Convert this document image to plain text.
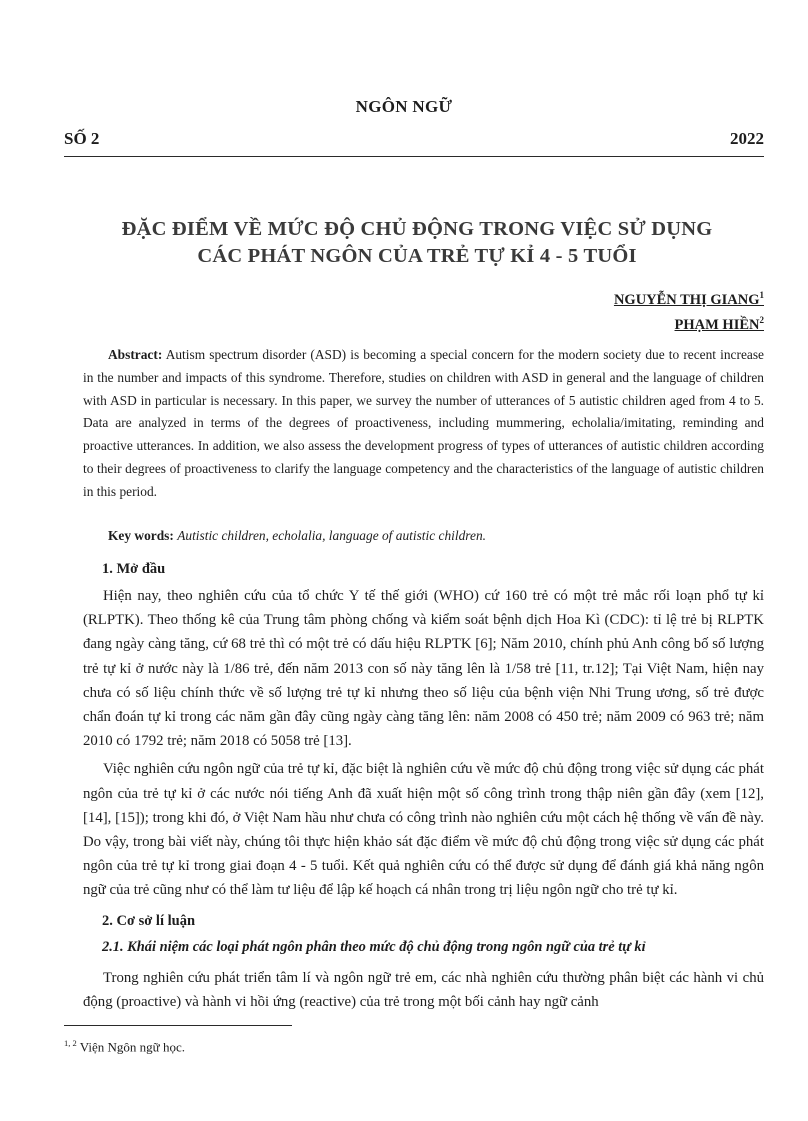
NGÔN NGỮ
SỐ 2	2022
ĐẶC ĐIỂM VỀ MỨC ĐỘ CHỦ ĐỘNG TRONG VIỆC SỬ DỤNG
CÁC PHÁT NGÔN CỦA TRẺ TỰ KỈ 4 - 5 TUỔI
NGUYỄN THỊ GIANG$^1$
PHẠM HIỀN$^2$

Abstract: Autism spectrum disorder (ASD) is becoming a special concern for the modern society due to recent increase in the number and impacts of this syndrome. Therefore, studies on children with ASD in general and the language of children with ASD in particular is necessary. In this paper, we survey the number of utterances of 5 autistic children aged from 4 to 5. Data are analyzed in terms of the degrees of proactiveness, including mummering, echolalia/imitating, reminding and proactive utterances. In addition, we also assess the development progress of types of utterances of autistic children according to their degrees of proactiveness to clarify the language competency and the characteristics of the language of autistic children in this period.

Key words: Autistic children, echolalia, language of autistic children.
1. Mở đầu

Hiện nay, theo nghiên cứu của tổ chức Y tế thế giới (WHO) cứ 160 trẻ có một trẻ mắc rối loạn phổ tự kỉ (RLPTK). Theo thống kê của Trung tâm phòng chống và kiểm soát bệnh dịch Hoa Kì (CDC): tỉ lệ trẻ bị RLPTK đang ngày càng tăng, cứ 68 trẻ thì có một trẻ có dấu hiệu RLPTK [6]; Năm 2010, chính phủ Anh công bố số lượng trẻ tự kỉ ở nước này là 1/86 trẻ, đến năm 2013 con số này tăng lên là 1/58 trẻ [11, tr.12]; Tại Việt Nam, hiện nay chưa có số liệu chính thức về số lượng trẻ tự kỉ nhưng theo số liệu của bệnh viện Nhi Trung ương, số trẻ được chẩn đoán tự kỉ trong các năm gần đây cũng ngày càng tăng lên: năm 2008 có 450 trẻ; năm 2009 có 963 trẻ; năm 2010 có 1792 trẻ; năm 2018 có 5058 trẻ [13].

Việc nghiên cứu ngôn ngữ của trẻ tự kỉ, đặc biệt là nghiên cứu về mức độ chủ động trong việc sử dụng các phát ngôn của trẻ tự kỉ ở các nước nói tiếng Anh đã xuất hiện một số công trình trong thập niên gần đây (xem [12], [14], [15]); trong khi đó, ở Việt Nam hầu như chưa có công trình nào nghiên cứu một cách hệ thống về vấn đề này. Do vậy, trong bài viết này, chúng tôi thực hiện khảo sát đặc điểm về mức độ chủ động trong việc sử dụng các phát ngôn của trẻ tự kỉ trong giai đoạn 4 - 5 tuổi. Kết quả nghiên cứu có thể được sử dụng để đánh giá khả năng ngôn ngữ của trẻ cũng như có thể làm tư liệu để lập kế hoạch cá nhân trong trị liệu ngôn ngữ cho trẻ tự kỉ.

2. Cơ sở lí luận
2.1. Khái niệm các loại phát ngôn phân theo mức độ chủ động trong ngôn ngữ của trẻ tự kỉ

Trong nghiên cứu phát triển tâm lí và ngôn ngữ trẻ em, các nhà nghiên cứu thường phân biệt các hành vi chủ động (proactive) và hành vi hồi ứng (reactive) của trẻ trong một bối cảnh hay ngữ cảnh

$^{1, 2}$ Viện Ngôn ngữ học.
